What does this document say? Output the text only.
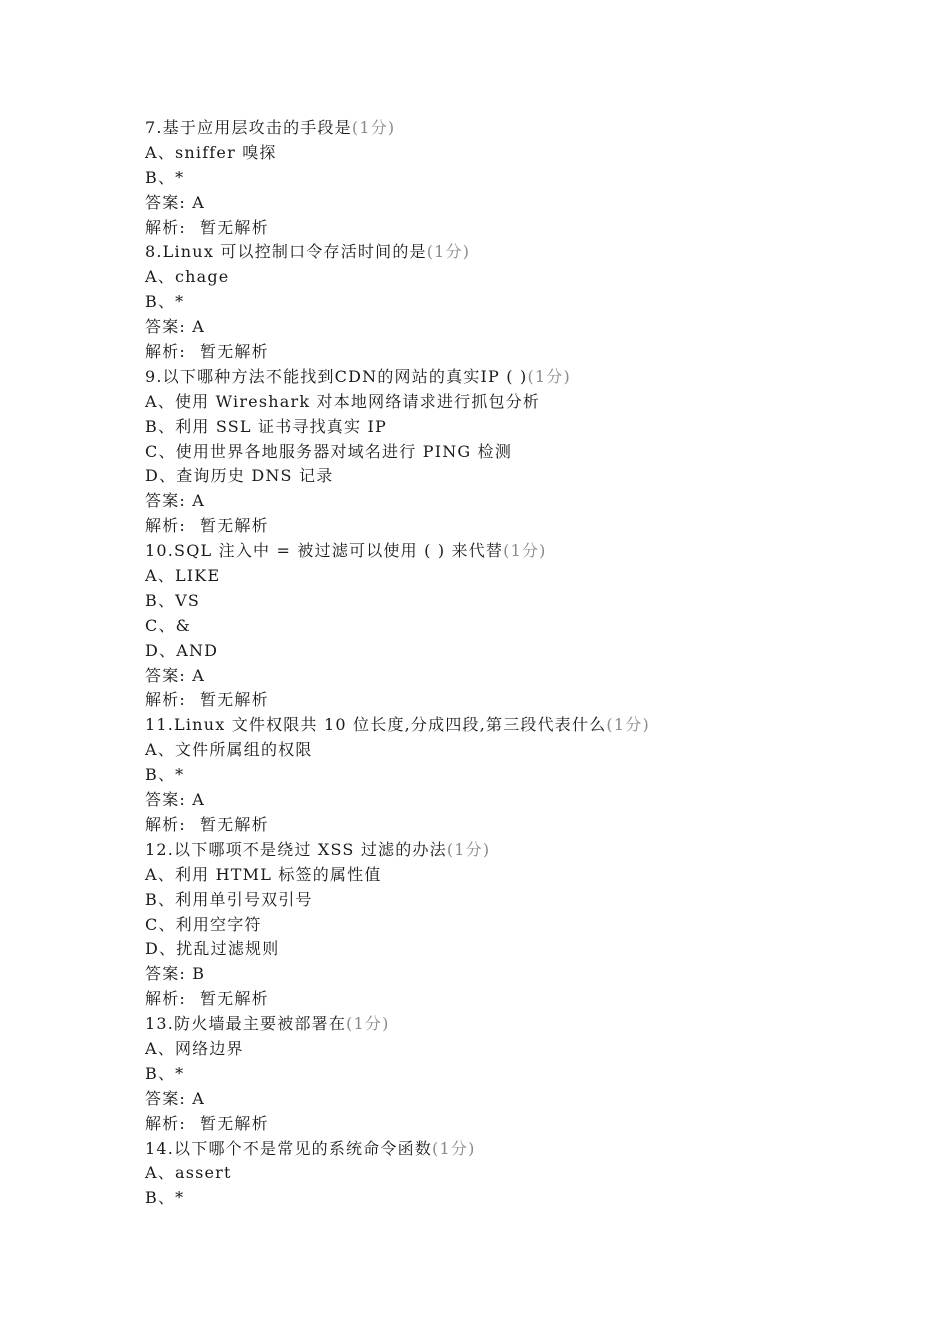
7.基于应用层攻击的手段是(1分)
A、sniffer 嗅探
B、*
答案: A
解析: 暂无解析
8.Linux 可以控制口令存活时间的是(1分)
A、chage
B、*
答案: A
解析: 暂无解析
9.以下哪种方法不能找到CDN的网站的真实IP ( )(1分)
A、使用 Wireshark 对本地网络请求进行抓包分析
B、利用 SSL 证书寻找真实 IP
C、使用世界各地服务器对域名进行 PING 检测
D、查询历史 DNS 记录
答案: A
解析: 暂无解析
10.SQL 注入中 = 被过滤可以使用 ( ) 来代替(1分)
A、LIKE
B、VS
C、&
D、AND
答案: A
解析: 暂无解析
11.Linux 文件权限共 10 位长度,分成四段,第三段代表什么(1分)
A、文件所属组的权限
B、*
答案: A
解析: 暂无解析
12.以下哪项不是绕过 XSS 过滤的办法(1分)
A、利用 HTML 标签的属性值
B、利用单引号双引号
C、利用空字符
D、扰乱过滤规则
答案: B
解析: 暂无解析
13.防火墙最主要被部署在(1分)
A、网络边界
B、*
答案: A
解析: 暂无解析
14.以下哪个不是常见的系统命令函数(1分)
A、assert
B、*
